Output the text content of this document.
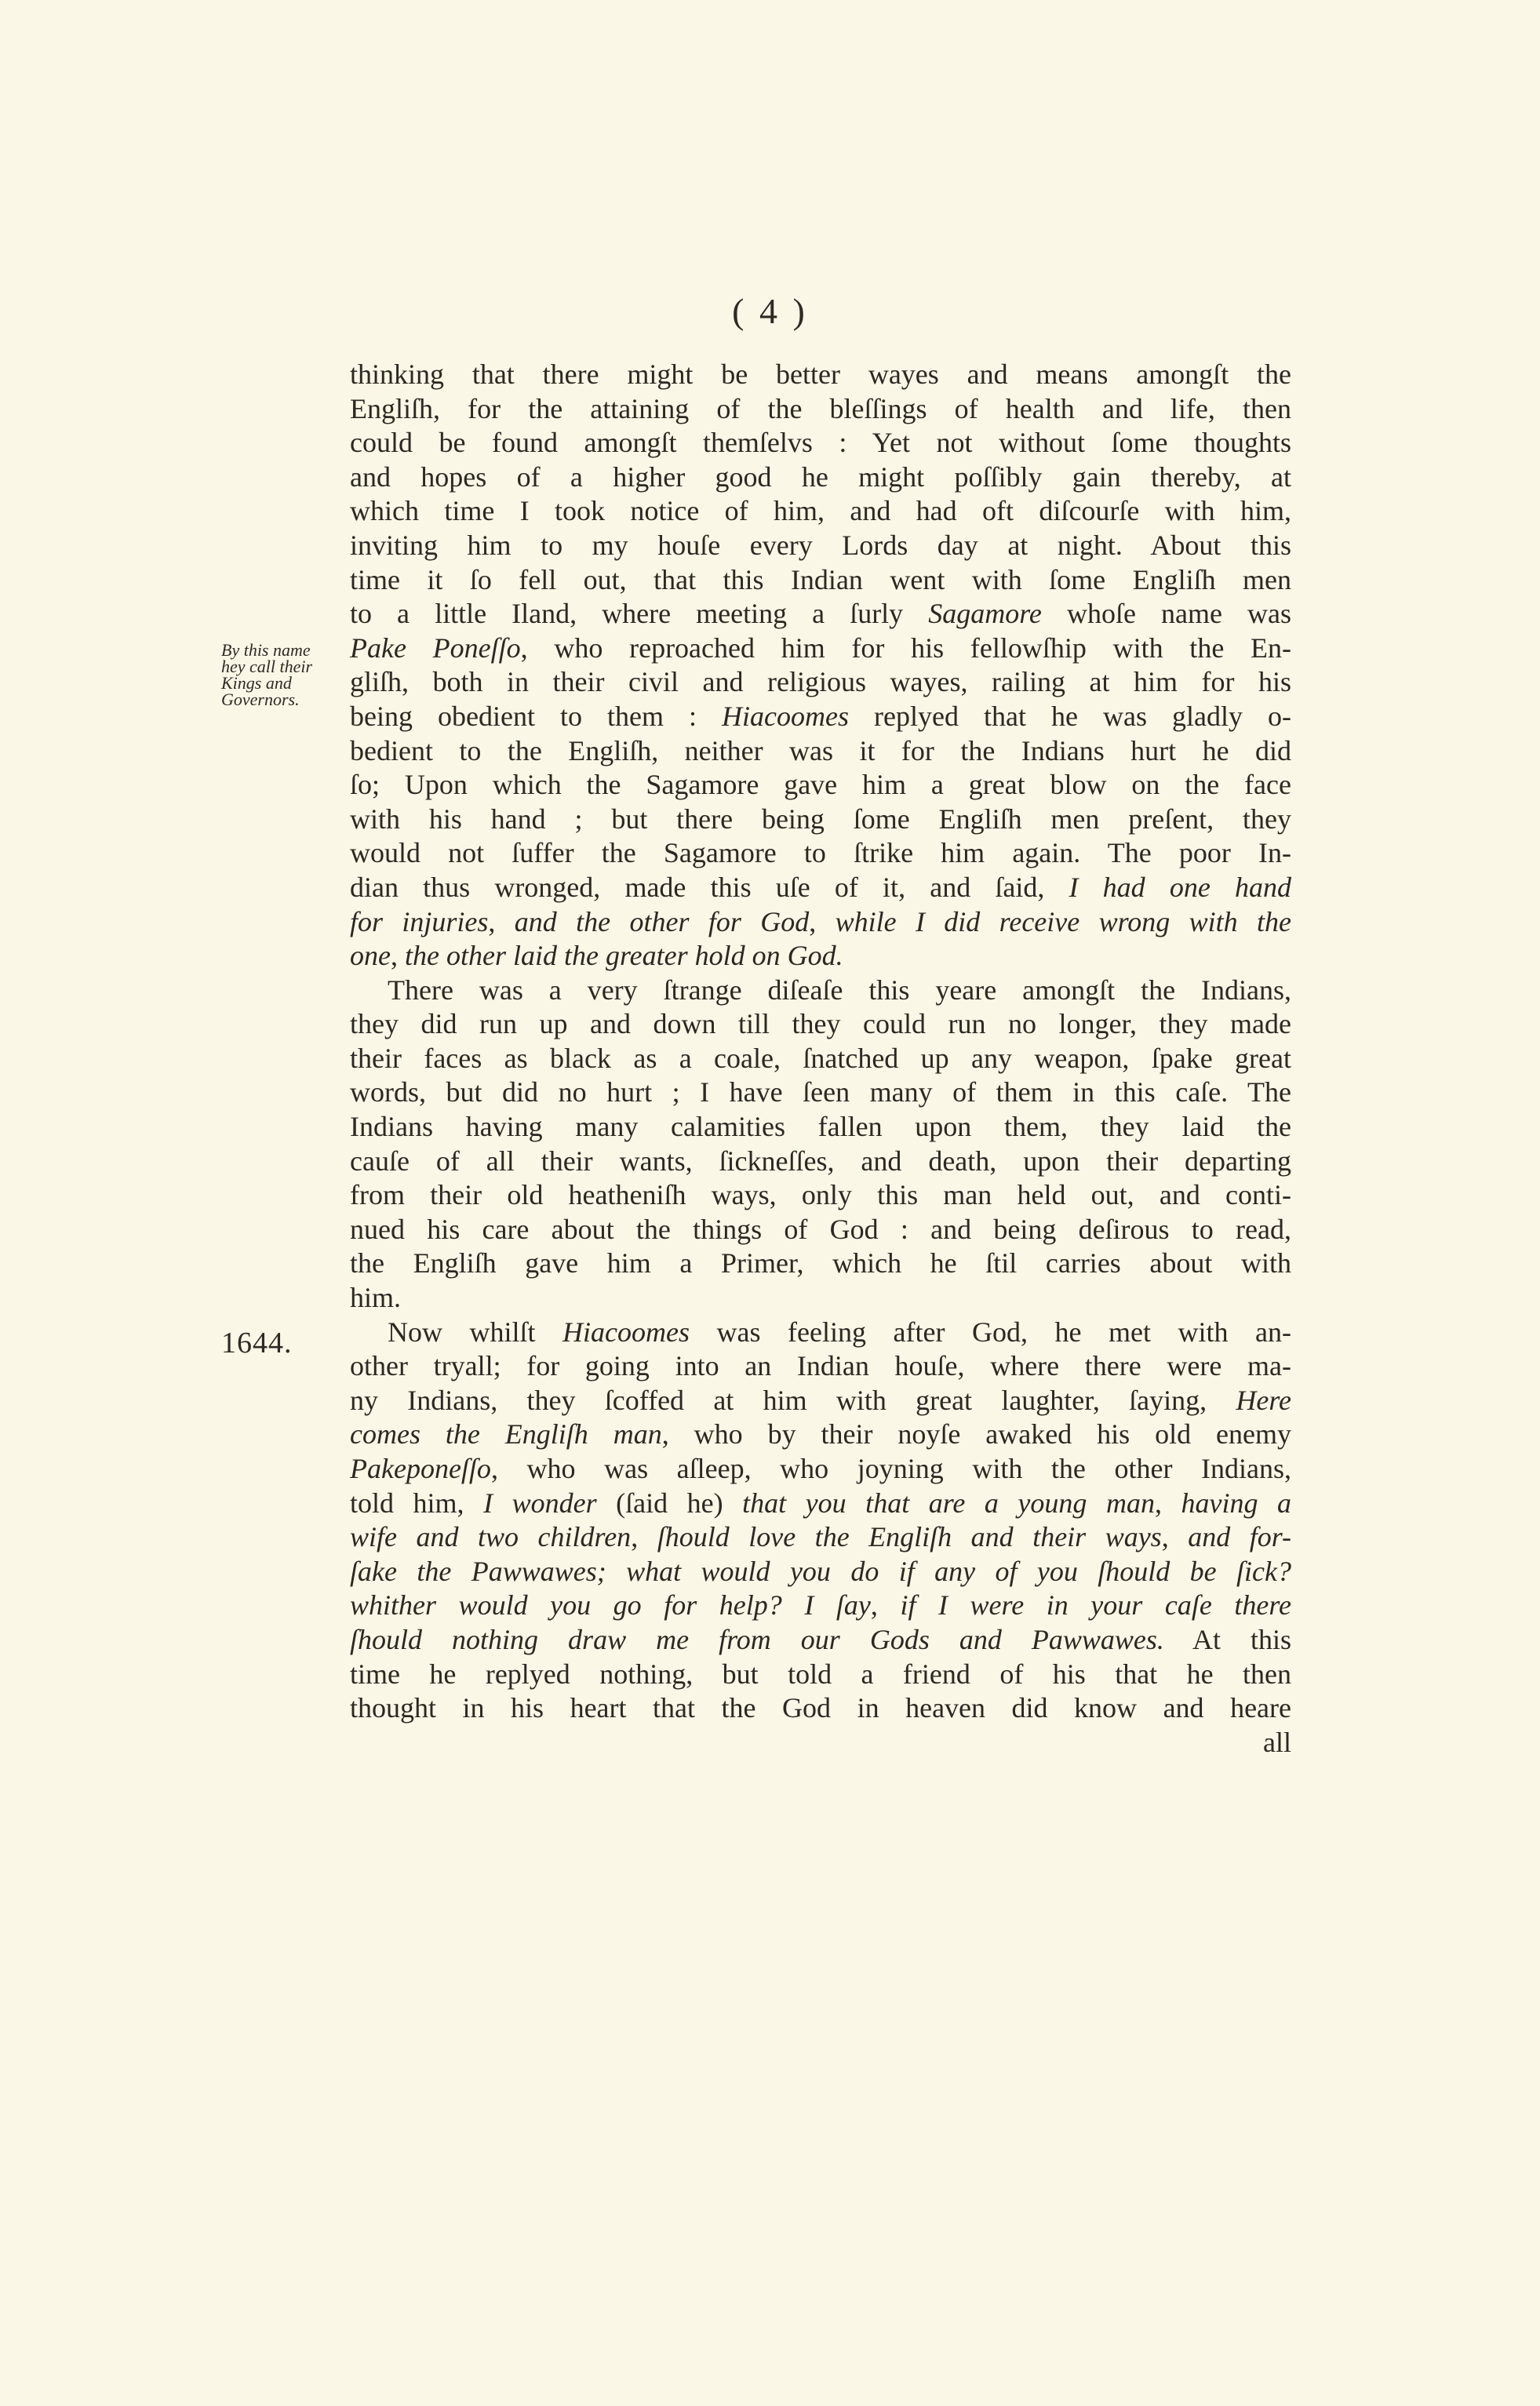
( 4 )
By this name
hey call their
Kings and
Governors.
1644.
thinking that there might be better wayes and means amongſt the
Engliſh, for the attaining of the bleſſings of health and life, then
could be found amongſt themſelvs : Yet not without ſome thoughts
and hopes of a higher good he might poſſibly gain thereby, at
which time I took notice of him, and had oft diſcourſe with him,
inviting him to my houſe every Lords day at night. About this
time it ſo fell out, that this Indian went with ſome Engliſh men
to a little Iland, where meeting a ſurly Sagamore whoſe name was
Pake Poneſſo, who reproached him for his fellowſhip with the En-
gliſh, both in their civil and religious wayes, railing at him for his
being obedient to them : Hiacoomes replyed that he was gladly o-
bedient to the Engliſh, neither was it for the Indians hurt he did
ſo; Upon which the Sagamore gave him a great blow on the face
with his hand ; but there being ſome Engliſh men preſent, they
would not ſuffer the Sagamore to ſtrike him again. The poor In-
dian thus wronged, made this uſe of it, and ſaid, I had one hand
for injuries, and the other for God, while I did receive wrong with the
one, the other laid the greater hold on God.
There was a very ſtrange diſeaſe this yeare amongſt the Indians,
they did run up and down till they could run no longer, they made
their faces as black as a coale, ſnatched up any weapon, ſpake great
words, but did no hurt ; I have ſeen many of them in this caſe. The
Indians having many calamities fallen upon them, they laid the
cauſe of all their wants, ſickneſſes, and death, upon their departing
from their old heatheniſh ways, only this man held out, and conti-
nued his care about the things of God : and being deſirous to read,
the Engliſh gave him a Primer, which he ſtil carries about with
him.
Now whilſt Hiacoomes was feeling after God, he met with an-
other tryall; for going into an Indian houſe, where there were ma-
ny Indians, they ſcoffed at him with great laughter, ſaying, Here
comes the Engliſh man, who by their noyſe awaked his old enemy
Pakeponeſſo, who was aſleep, who joyning with the other Indians,
told him, I wonder (ſaid he) that you that are a young man, having a
wife and two children, ſhould love the Engliſh and their ways, and for-
ſake the Pawwawes; what would you do if any of you ſhould be ſick?
whither would you go for help? I ſay, if I were in your caſe there
ſhould nothing draw me from our Gods and Pawwawes. At this
time he replyed nothing, but told a friend of his that he then
thought in his heart that the God in heaven did know and heare
all
